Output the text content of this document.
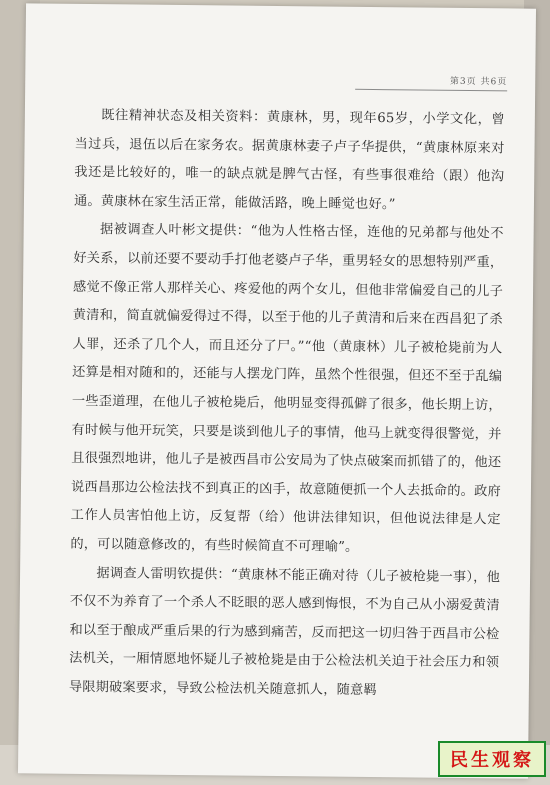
第3页 共6页

既往精神状态及相关资料：黄康林，男，现年65岁，小学文化，曾当过兵，退伍以后在家务农。据黄康林妻子卢子华提供，“黄康林原来对我还是比较好的，唯一的缺点就是脾气古怪，有些事很难给（跟）他沟通。黄康林在家生活正常，能做活路，晚上睡觉也好。”

据被调查人叶彬文提供：“他为人性格古怪，连他的兄弟都与他处不好关系，以前还要不要动手打他老婆卢子华，重男轻女的思想特别严重，感觉不像正常人那样关心、疼爱他的两个女儿，但他非常偏爱自己的儿子黄清和，简直就偏爱得过不得，以至于他的儿子黄清和后来在西昌犯了杀人罪，还杀了几个人，而且还分了尸。”“他（黄康林）儿子被枪毙前为人还算是相对随和的，还能与人摆龙门阵，虽然个性很强，但还不至于乱编一些歪道理，在他儿子被枪毙后，他明显变得孤僻了很多，他长期上访，有时候与他开玩笑，只要是谈到他儿子的事情，他马上就变得很警觉，并且很强烈地讲，他儿子是被西昌市公安局为了快点破案而抓错了的，他还说西昌那边公检法找不到真正的凶手，故意随便抓一个人去抵命的。政府工作人员害怕他上访，反复帮（给）他讲法律知识，但他说法律是人定的，可以随意修改的，有些时候简直不可理喻”。

据调查人雷明钦提供：“黄康林不能正确对待（儿子被枪毙一事），他不仅不为养育了一个杀人不眨眼的恶人感到悔恨，不为自己从小溺爱黄清和以至于酿成严重后果的行为感到痛苦，反而把这一切归咎于西昌市公检法机关，一厢情愿地怀疑儿子被枪毙是由于公检法机关迫于社会压力和领导限期破案要求，导致公检法机关随意抓人，随意羁

民生观察
